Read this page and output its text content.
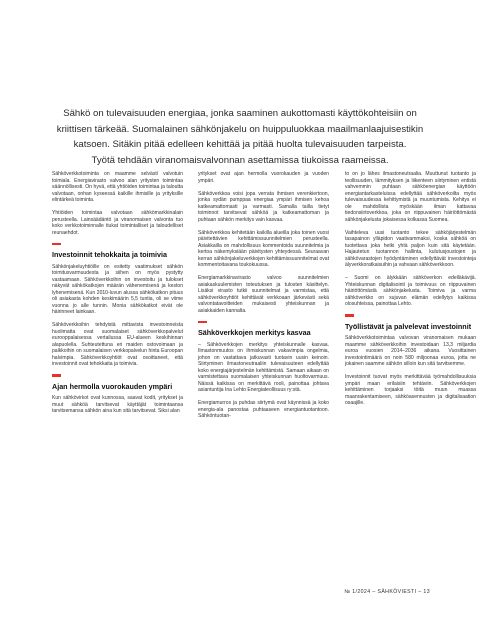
Sähkö on tulevaisuuden energiaa, jonka saaminen aukottomasti käyttökohteisiin on
kriittisen tärkeää. Suomalainen sähkönjakelu on huippuluokkaa maailmanlaajuisestikin
katsoen. Sitäkin pitää edelleen kehittää ja pitää huolta tulevaisuuden tarpeista.
Työtä tehdään viranomaisvalvonnan asettamissa tiukoissa raameissa.

Sähköverkkotoiminta on maamme selvästi valvotuin toimiala. Energiavirasto valvoo alan yritysten toimintaa säännöllisesti. On hyvä, että yhtiöiden toimintaa ja taloutta valvotaan, onhan kyseessä kaikille ihmisille ja yrityksille elintärkeä toiminta.

Yhtiöiden toimintaa valvotaan sähkömarkkinalain perusteella. Lainsäädäntö ja viranomaisen valvonta tuo koko verkkotoiminnalle tiukat toimintalliset ja taloudelliset reunaehdot.

Investoinnit tehokkaita ja toimivia

Sähkönjakeluyhtiöille on esitetty vaatimukset sähkön toimitusvarmuudesta ja siihen on myös pystytty vastaamaan. Sähköverkkoihin on investoitu ja tulokset näkyvät sähkökatkojen määrän vähenemisenä ja keston lyhenemisenä. Kun 2010-luvun alussa sähkökatkon pituus oli asiakasta kohden keskimäärin 5,5 tuntia, oli se viime vuonna jo alle tunnin. Monia sähkökatkot eivät ole häirinneet lainkaan.

Sähköverkkoihin tehdyistä mittavista investoinneista huolimatta ovat suomalaiset sähköverkkopalvelut eurooppalaisessa vertailussa EU-alueen keskihinnan alapuolella. Suhteutettuna eri maiden ostovoimaan ja palkkoihin on suomalaisen verkkopalvelun hinta Euroopan halvimpia. Sähköverkkoyhtiöt ovat osoittaneet, että investoinnit ovat tehokkaita ja toimivia.

Ajan hermolla vuorokauden ympäri

Kun sähkövirkot ovat kunnossa, saavat kodit, yritykset ja muut sähköä tarvitsevat käyttäjät toimintaansa tarvitsemansa sähkön aina kun sitä tarvitsevat. Siksi alan

yritykset ovat ajan hermolla vuorokauden ja vuoden ympäri.

Sähköverkkoa voisi jopa verrata ihmisen verenkiertoon, jonka sydän pumppaa energiaa ympäri ihmisen kehoa katkeamattomasti ja varmasti. Samalla tailla tietyt toiminnot tarvitsevat sähköä ja katkeamattoman ja puhtaan sähkön merkitys vain kasvaa.

Sähköverkkoa kehitetään kaikilla alueilla joka toinen vuosi päivitettävien kehittämissuunnitelmien perusteella. Asiakkailla on mahdollisuus kommentoida suunnitelmia ja kertoa näkemyksiään päivitysten yhteydessä. Seuraavan kerran sähkönjakeluverkkojen kehittämissuunnitelmat ovat kommentoitavana toukokuussa.

Energiamarkkinavirasto valvoo suunnitelmien asiakaskuulemisten toteutuksen ja tulosten käsittelyn. Lisäksi virasto tutkii suunnitelmat ja varmistaa, että sähköverkkoyhtiöt kehittävät verkkoaan järkevästi sekä valvontatavoitteiden mukaisesti yhteiskunnan ja asiakkaiden kannalta.

Sähköverkkojen merkitys kasvaa

– Sähköverkkojen merkitys yhteiskunnalle kasvaa. Ilmastonmuutos on ihmiskunnan vakavimpia ongelmia, johon on vastattava jatkuvasti tuotavin uusin keinoin. Siirtyminen ilmastoneutraaliin tulevaisuuteen edellyttää koko energiajärjestelmän kehittämistä. Samaan aikaan on varmistettava suomalaisen yhteiskunnan huoltovarmuus. Näissä kaikissa on merkittävä rooli, painottaa johtava asiantuntija Ina Lehto Energiateollisuus ry:stä.

Energiamurros ja puhdas siirtymä ovat käynnissä ja koko energia-ala panostaa puhtaaseen energiantuotantoon. Sähköntuotan-

to on jo lähes ilmastoneutraalia. Muuttunut tuotanto ja teollisuuden, lämmityksen ja liikenteen siirtyminen entistä vahvemmin puhtaan sähköenergian käyttöön energiantarkasteluissa edellyttää sähköverkoilta myös tulevaisuudessa kehittymistä ja muuntumista. Kehitys ei ole mahdollista myöskään ilman kattavaa tiedonsiirtoverkkoa, joka on riippuvainen häiriöttömästä sähkönjakelusta jokaisessa kolkassa Suomea.

Vaihteleva uusi tuotanto tekee sähköjärjestelmän tasapainon ylläpidon vaativammaksi, koska sähköä on tuotettava joka hetki yhtä paljon kuin sitä käytetään. Hajautetun tuotannon hallinta, kulutusjoustojen ja sähkövarastojen hyödyntäminen edellyttävät investointeja älyverkkoratkaisuihin ja vahvaan sähköverkkoon.

– Suomi on älykkään sähköverkon edelläkävijä. Yhteiskunnan digitalisointi ja toimivuus on riippuvainen häiriöttömästä sähkönjakelusta. Toimiva ja varma sähköverkko on sujuvan elämän edellytys kaikissa olosuhteissa, painottaa Lehto.

Työllistävät ja palvelevat investoinnit

Sähköverkkotoimintaa valvovan viranomaisen mukaan maamme sähköverkkoihin investoidaan 13,3 miljardia euroa vuosien 2014–2036 aikana. Vuosittainen investointimäärä on noin 580 miljoonaa euroa, jotta ne jokainen saamme sähkön silloin kun sitä tarvitsemme.

Investoinnit tuovat myös merkittävää työmahdollisuuksia ympäri maan erilaisiin tehtäviin. Sähköverkkojen kehittäminen torjaaksi töitä muun muassa maanrakentamiseen, sähköasennusten ja digitalisaation osaajille.

№ 1/2024 – SÄHKÖVIESTI – 13
